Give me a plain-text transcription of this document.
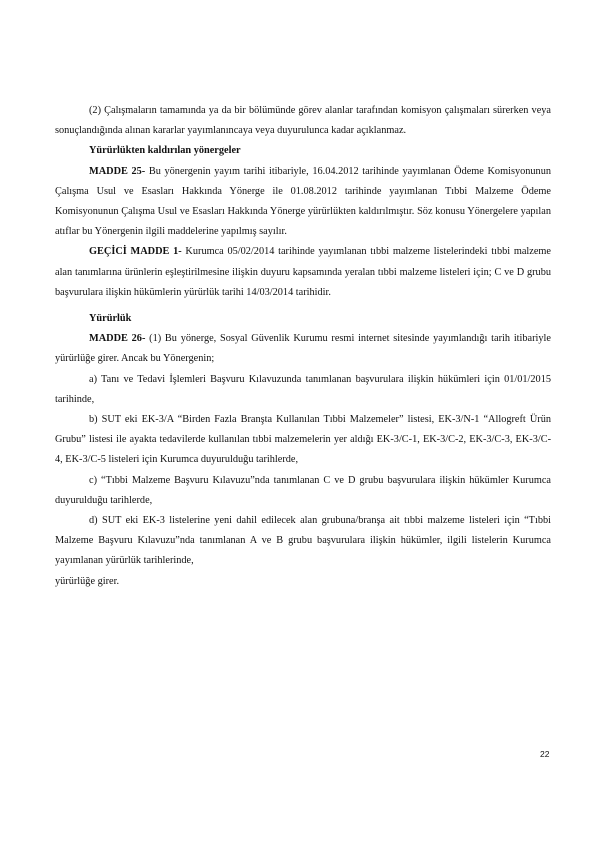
(2) Çalışmaların tamamında ya da bir bölümünde görev alanlar tarafından komisyon çalışmaları sürerken veya sonuçlandığında alınan kararlar yayımlanıncaya veya duyurulunca kadar açıklanmaz.

Yürürlükten kaldırılan yönergeler

MADDE 25- Bu yönergenin yayım tarihi itibariyle, 16.04.2012 tarihinde yayımlanan Ödeme Komisyonunun Çalışma Usul ve Esasları Hakkında Yönerge ile 01.08.2012 tarihinde yayımlanan Tıbbi Malzeme Ödeme Komisyonunun Çalışma Usul ve Esasları Hakkında Yönerge yürürlükten kaldırılmıştır. Söz konusu Yönergelere yapılan atıflar bu Yönergenin ilgili maddelerine yapılmış sayılır.

GEÇİCİ MADDE 1- Kurumca 05/02/2014 tarihinde yayımlanan tıbbi malzeme listelerindeki tıbbi malzeme alan tanımlarına ürünlerin eşleştirilmesine ilişkin duyuru kapsamında yeralan tıbbi malzeme listeleri için; C ve D grubu başvurulara ilişkin hükümlerin yürürlük tarihi 14/03/2014 tarihidir.

Yürürlük

MADDE 26- (1) Bu yönerge, Sosyal Güvenlik Kurumu resmi internet sitesinde yayımlandığı tarih itibariyle yürürlüğe girer. Ancak bu Yönergenin;

a) Tanı ve Tedavi İşlemleri Başvuru Kılavuzunda tanımlanan başvurulara ilişkin hükümleri için 01/01/2015 tarihinde,

b) SUT eki EK-3/A “Birden Fazla Branşta Kullanılan Tıbbi Malzemeler” listesi, EK-3/N-1 “Allogreft Ürün Grubu” listesi ile ayakta tedavilerde kullanılan tıbbi malzemelerin yer aldığı EK-3/C-1, EK-3/C-2, EK-3/C-3, EK-3/C-4, EK-3/C-5 listeleri için Kurumca duyurulduğu tarihlerde,

c) “Tıbbi Malzeme Başvuru Kılavuzu”nda tanımlanan C ve D grubu başvurulara ilişkin hükümler Kurumca duyurulduğu tarihlerde,

d) SUT eki EK-3 listelerine yeni dahil edilecek alan grubuna/branşa ait tıbbi malzeme listeleri için “Tıbbi Malzeme Başvuru Kılavuzu”nda tanımlanan A ve B grubu başvurulara ilişkin hükümler, ilgili listelerin Kurumca yayımlanan yürürlük tarihlerinde,

yürürlüğe girer.

22
